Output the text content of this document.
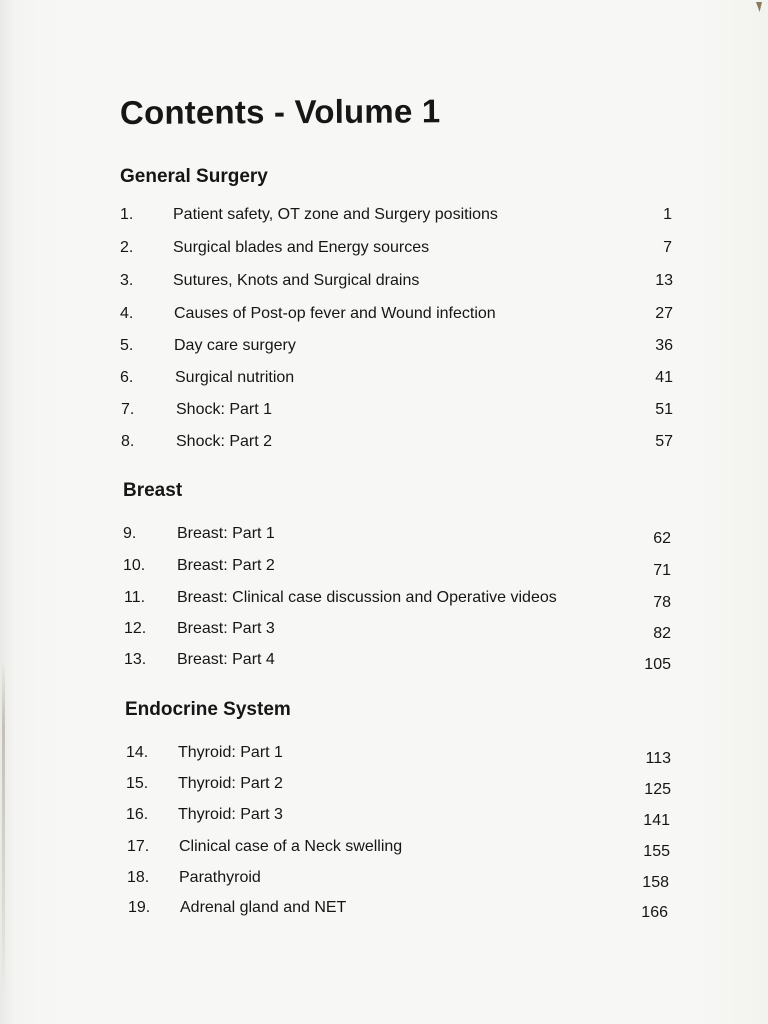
Contents - Volume 1
General Surgery
1. Patient safety, OT zone and Surgery positions	1
2. Surgical blades and Energy sources	7
3. Sutures, Knots and Surgical drains	13
4.	Causes of Post-op fever and Wound infection	27
5.	Day care surgery	36
6.	Surgical nutrition	41
7.	Shock: Part 1	51
8.	Shock: Part 2	57
Breast
9.	Breast: Part 1	62
10. Breast: Part 2	71
11. Breast: Clinical case discussion and Operative videos	78
12. Breast: Part 3	82
13. Breast: Part 4	105
Endocrine System
14. Thyroid: Part 1	113
15. Thyroid: Part 2	125
16. Thyroid: Part 3	141
17. Clinical case of a Neck swelling	155
18. Parathyroid	158
19. Adrenal gland and NET	166
